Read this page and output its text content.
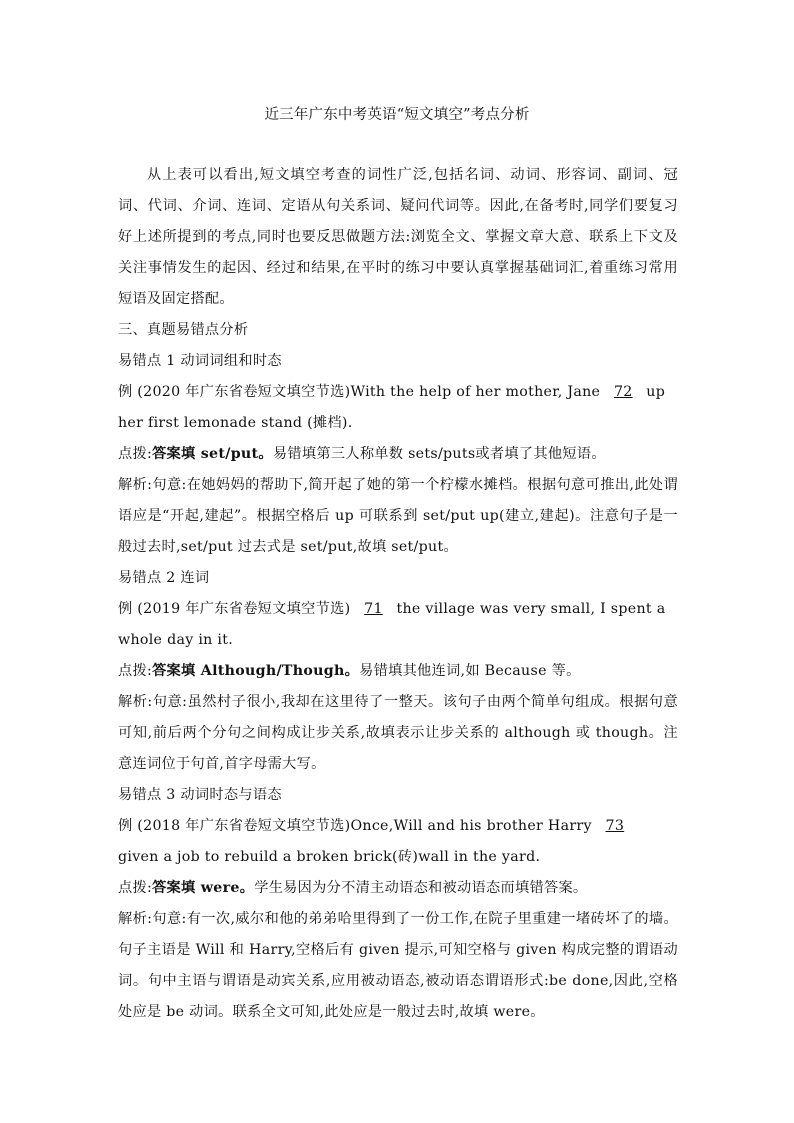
近三年广东中考英语“短文填空”考点分析

从上表可以看出,短文填空考查的词性广泛,包括名词、动词、形容词、副词、冠词、代词、介词、连词、定语从句关系词、疑问代词等。因此,在备考时,同学们要复习好上述所提到的考点,同时也要反思做题方法:浏览全文、掌握文章大意、联系上下文及关注事情发生的起因、经过和结果,在平时的练习中要认真掌握基础词汇,着重练习常用短语及固定搭配。

三、真题易错点分析

易错点 1 动词词组和时态

例 (2020 年广东省卷短文填空节选)With the help of her mother, Jane 72 up her first lemonade stand (摊档).

点拨:答案填 set/put。易错填第三人称单数 sets/puts或者填了其他短语。

解析:句意:在她妈妈的帮助下,简开起了她的第一个柠檬水摊档。根据句意可推出,此处谓语应是“开起,建起”。根据空格后 up 可联系到 set/put up(建立,建起)。注意句子是一般过去时,set/put 过去式是 set/put,故填 set/put。

易错点 2 连词

例 (2019 年广东省卷短文填空节选) 71 the village was very small, I spent a whole day in it.

点拨:答案填 Although/Though。易错填其他连词,如 Because 等。

解析:句意:虽然村子很小,我却在这里待了一整天。该句子由两个简单句组成。根据句意可知,前后两个分句之间构成让步关系,故填表示让步关系的 although 或 though。注意连词位于句首,首字母需大写。

易错点 3 动词时态与语态

例 (2018 年广东省卷短文填空节选)Once,Will and his brother Harry 73given a job to rebuild a broken brick(砖)wall in the yard.

点拨:答案填 were。学生易因为分不清主动语态和被动语态而填错答案。

解析:句意:有一次,威尔和他的弟弟哈里得到了一份工作,在院子里重建一堵砖坏了的墙。句子主语是 Will 和 Harry,空格后有 given 提示,可知空格与 given 构成完整的谓语动词。句中主语与谓语是动宾关系,应用被动语态,被动语态谓语形式:be done,因此,空格处应是 be 动词。联系全文可知,此处应是一般过去时,故填 were。
